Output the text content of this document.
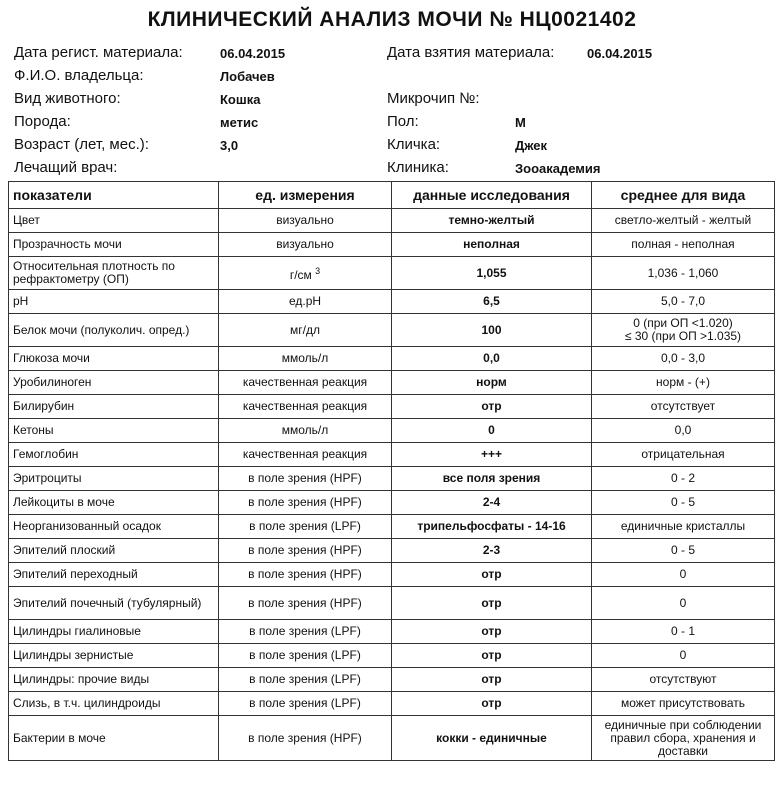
КЛИНИЧЕСКИЙ АНАЛИЗ МОЧИ № НЦ0021402
Дата регист. материала:	06.04.2015	Дата взятия материала:	06.04.2015
Ф.И.О. владельца:	Лобачев
Вид животного:	Кошка	Микрочип №:
Порода:	метис	Пол:	М
Возраст (лет, мес.):	3,0	Кличка:	Джек
Лечащий врач:	Клиника:	Зооакадемия
показатели	ед. измерения	данные исследования	среднее для вида
Цвет	визуально	темно-желтый	светло-желтый - желтый
Прозрачность мочи	визуально	неполная	полная - неполная
Относительная плотность по рефрактометру (ОП)	г/см $^3$	1,055	1,036 - 1,060
pH	ед.pH	6,5	5,0 - 7,0
Белок мочи (полуколич. опред.)	мг/дл	100	0 (при ОП <1.020)
≤ 30 (при ОП >1.035)

Глюкоза мочи	ммоль/л	0,0	0,0 - 3,0
Уробилиноген	качественная реакция	норм	норм - (+)
Билирубин	качественная реакция	отр	отсутствует
Кетоны	ммоль/л	0	0,0
Гемоглобин	качественная реакция	+++	отрицательная
Эритроциты	в поле зрения (HPF)	все поля зрения	0 - 2
Лейкоциты в моче	в поле зрения (HPF)	2-4	0 - 5
Неорганизованный осадок	в поле зрения (LPF)	трипельфосфаты - 14-16	единичные кристаллы
Эпителий плоский	в поле зрения (HPF)	2-3	0 - 5
Эпителий переходный	в поле зрения (HPF)	отр	0
Эпителий почечный (тубулярный)	в поле зрения (HPF)	отр	0
Цилиндры гиалиновые	в поле зрения (LPF)	отр	0 - 1
Цилиндры зернистые	в поле зрения (LPF)	отр	0
Цилиндры: прочие виды	в поле зрения (LPF)	отр	отсутствуют
Слизь, в т.ч. цилиндроиды	в поле зрения (LPF)	отр	может присутствовать
Бактерии в моче	в поле зрения (HPF)	кокки - единичные	единичные при соблюдении правил сбора, хранения и доставки
